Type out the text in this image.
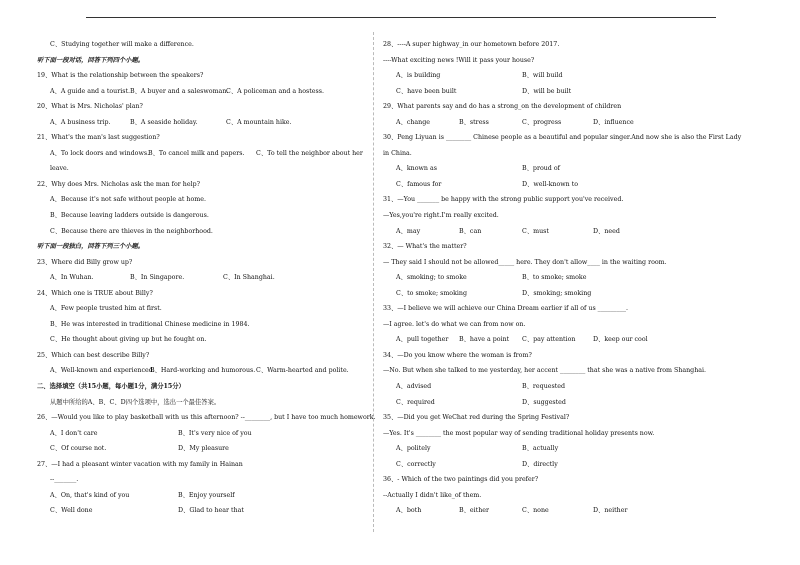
C、Studying together will make a difference.
听下面一段对话，回答下列四个小题。
19、What is the relationship between the speakers?
A、A guide and a tourist.B、A buyer and a saleswoman.C、A policeman and a hostess.
20、What is Mrs. Nicholas' plan?
A、A business trip.	B、A seaside holiday.	C、A mountain hike.
21、What's the man's last suggestion?
A、To lock doors and windows.B、To cancel milk and papers. C、To tell the neighbor about her
leave.
22、Why does Mrs. Nicholas ask the man for help?
A、Because it's not safe without people at home.
B、Because leaving ladders outside is dangerous.
C、Because there are thieves in the neighborhood.
听下面一段独白，回答下列三个小题。
23、Where did Billy grow up?
A、In Wuhan.	B、In Singapore.	C、In Shanghai.
24、Which one is TRUE about Billy?
A、Few people trusted him at first.
B、He was interested in traditional Chinese medicine in 1984.
C、He thought about giving up but he fought on.
25、Which can best describe Billy?
A、Well-known and experienced.B、Hard-working and humorous.C、Warm-hearted and polite.
二、选择填空（共15小题，每小题1分，满分15分）
从题中所给的A、B、C、D四个选项中，选出一个最佳答案。
26、—Would you like to play basketball with us this afternoon? --________, but I have too much homework.
A、I don't care	B、It's very nice of you
C、Of course not.	D、My pleasure
27、—I had a pleasant winter vacation with my family in Hainan
--_______.
A、On, that's kind of you	B、Enjoy yourself
C、Well done	D、Glad to hear that
28、----A super highway_in our hometown before 2017.
----What exciting news !Will it pass your house?
A、is building	B、will build
C、have been built	D、will be built
29、What parents say and do has a strong_on the development of children
A、change	B、stress	C、progress	D、influence
30、Peng Liyuan is ________ Chinese people as a beautiful and popular singer.And now she is also the First Lady
in China.
A、known as	B、proud of
C、famous for	D、well-known to
31、—You _______ be happy with the strong public support you've received.
—Yes,you're right.I'm really excited.
A、may	B、can	C、must	D、need
32、— What's the matter?
— They said I should not be allowed_____ here. They don't allow____ in the waiting room.
A、smoking; to smoke	B、to smoke; smoke
C、to smoke; smoking	D、smoking; smoking
33、—I believe we will achieve our China Dream earlier if all of us _________.
—I agree. let's do what we can from now on.
A、pull together B、have a point C、pay attention	D、keep our cool
34、—Do you know where the woman is from?
—No. But when she talked to me yesterday, her accent ________ that she was a native from Shanghai.
A、advised	B、requested
C、required	D、suggested
35、—Did you get WeChat red during the Spring Festival?
—Yes. It's ________ the most popular way of sending traditional holiday presents now.
A、politely	B、actually
C、correctly	D、directly
36、- Which of the two paintings did you prefer?
--Actually I didn't like_of them.
A、both	B、either	C、none	D、neither
